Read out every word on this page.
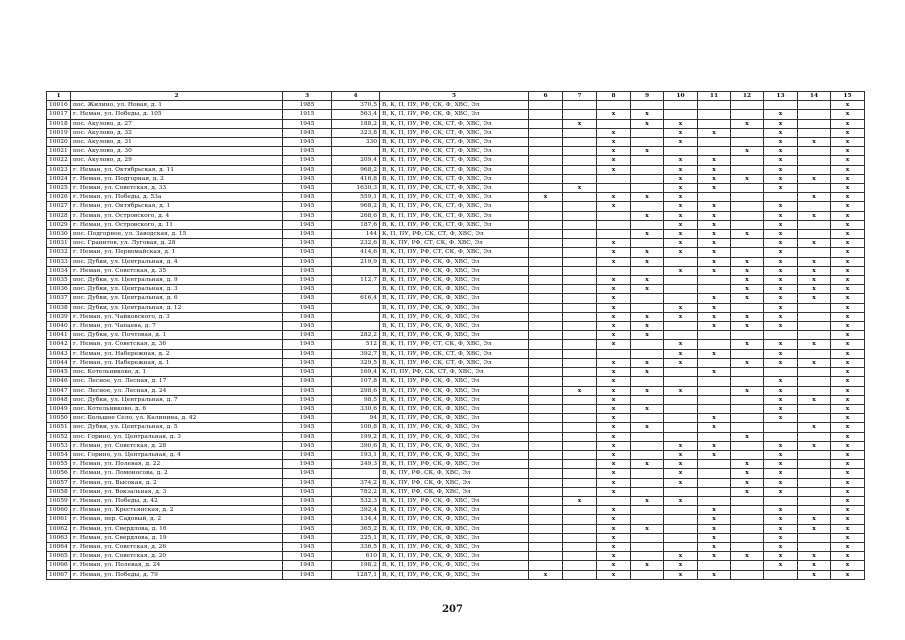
1	2	3	4	5	6	7	8	9	10	11	12	13	14	15
10016	пос. Жилино, ул. Новая, д. 1	1985	370,5	В, К, П, ПУ, РФ, СК, Ф, ХВС, Эл										х
10017	г. Неман, ул. Победы, д. 105	1915	563,4	В, К, П, ПУ, РФ, СК, Ф, ХВС, Эл			х	х				х		х
10018	пос. Акулово, д. 27	1945	188,2	В, К, П, ПУ, РФ, СК, СТ, Ф, ХВС, Эл		х		х	х		х	х		х
10019	пос. Акулово, д. 32	1945	323,8	В, К, П, ПУ, РФ, СК, СТ, Ф, ХВС, Эл			х		х	х		х		х
10020	пос. Акулово, д. 31	1945	330	В, К, П, ПУ, РФ, СК, СТ, Ф, ХВС, Эл			х		х			х	х	х
10021	пос. Акулово, д. 30	1945		В, К, П, ПУ, РФ, СК, СТ, Ф, ХВС, Эл			х	х			х	х		х
10022	пос. Акулово, д. 29	1945	209,4	В, К, П, ПУ, РФ, СК, СТ, Ф, ХВС, Эл			х		х	х		х		х
10023	г. Неман, ул. Октябрьская, д. 11	1945	968,2	В, К, П, ПУ, РФ, СК, СТ, Ф, ХВС, Эл			х		х	х		х		х
10024	г. Неман, ул. Подгорная, д. 2	1945	416,8	В, К, П, ПУ, РФ, СК, СТ, Ф, ХВС, Эл					х	х	х	х	х	х
10025	г. Неман, ул. Советская, д. 33	1945	1630,3	В, К, П, ПУ, РФ, СК, СТ, Ф, ХВС, Эл		х			х	х		х		х
10026	г. Неман, ул. Победы, д. 53а	1945	559,1	В, К, П, ПУ, РФ, СК, СТ, Ф, ХВС, Эл	х		х	х	х				х	х
10027	г. Неман, ул. Октябрьская, д. 1	1945	968,2	В, К, П, ПУ, РФ, СК, СТ, Ф, ХВС, Эл			х		х	х		х		х
10028	г. Неман, ул. Островского, д. 4	1945	268,6	В, К, П, ПУ, РФ, СК, СТ, Ф, ХВС, Эл				х	х	х		х	х	х
10029	г. Неман, ул. Островского, д. 11	1945	187,6	В, К, П, ПУ, РФ, СК, СТ, Ф, ХВС, Эл					х	х		х		х
10030	пос. Подгорное, ул. Заводская, д. 15	1945	144	К, П, ПУ, РФ, СК, СТ, Ф, ХВС, Эл				х	х	х	х	х		х
10031	пос. Гранитов, ул. Луговая, д. 28	1945	232,6	В, К, ПУ, РФ, СТ, СК, Ф, ХВС, Эл			х		х	х		х	х	х
10032	г. Неман, ул. Первомайская, д. 1	1945	414,6	В, К, П, ПУ, РФ, СТ, СК, Ф, ХВС, Эл			х	х	х	х		х		х
10033	пос. Дубки, ул. Центральная, д. 4	1945	219,9	В, К, П, ПУ, РФ, СК, Ф, ХВС, Эл			х	х		х	х	х	х	х
10034	г. Неман, ул. Советская, д. 35	1945		В, К, П, ПУ, РФ, СК, Ф, ХВС, Эл					х	х	х	х	х	х
10035	пос. Дубки, ул. Центральная, д. 9	1945	112,7	В, К, П, ПУ, РФ, СК, Ф, ХВС, Эл			х	х			х	х	х	х
10036	пос. Дубки, ул. Центральная, д. 3	1945		В, К, П, ПУ, РФ, СК, Ф, ХВС, Эл			х	х			х	х	х	х
10037	пос. Дубки, ул. Центральная, д. 6	1945	616,4	В, К, П, ПУ, РФ, СК, Ф, ХВС, Эл			х			х	х	х	х	х
10038	пос. Дубки, ул. Центральная, д. 12	1945		В, К, П, ПУ, РФ, СК, Ф, ХВС, Эл			х		х	х		х		х
10039	г. Неман, ул. Чайковского, д. 3	1945		В, К, П, ПУ, РФ, СК, Ф, ХВС, Эл			х	х	х	х	х	х		х
10040	г. Неман, ул. Чапаева, д. 7	1945		В, К, П, ПУ, РФ, СК, Ф, ХВС, Эл			х	х		х	х	х		х
10041	пос. Дубки, ул. Почтовая, д. 1	1945	282,2	В, К, П, ПУ, РФ, СК, Ф, ХВС, Эл			х	х						х
10042	г. Неман, ул. Советская, д. 36	1945	512	В, К, П, ПУ, РФ, СТ, СК, Ф, ХВС, Эл			х		х		х	х	х	х
10043	г. Неман, ул. Набережная, д. 2	1945	392,7	В, К, П, ПУ, РФ, СК, СТ, Ф, ХВС, Эл					х	х		х		х
10044	г. Неман, ул. Набережная, д. 1	1945	329,5	В, К, П, ПУ, РФ, СК, СТ, Ф, ХВС, Эл			х	х	х		х	х	х	х
10045	пос. Котельниково, д. 1	1945	169,4	К, П, ПУ, РФ, СК, СТ, Ф, ХВС, Эл			х	х		х				х
10046	пос. Лесное, ул. Лесная, д. 17	1945	107,8	В, К, П, ПУ, РФ, СК, Ф, ХВС, Эл			х					х		х
10047	пос. Лесное, ул. Лесная, д. 24	1945	298,6	В, К, П, ПУ, РФ, СК, Ф, ХВС, Эл		х	х	х	х		х	х		х
10048	пос. Дубки, ул. Центральная, д. 7	1945	98,5	В, К, П, ПУ, РФ, СК, Ф, ХВС, Эл			х					х	х	х
10049	пос. Котельниково, д. 6	1945	330,6	В, К, П, ПУ, РФ, СК, Ф, ХВС, Эл			х	х				х		х
10050	пос. Большое Село, ул. Калинина, д. 42	1945	94	В, К, П, ПУ, РФ, СК, Ф, ХВС, Эл			х			х		х		х
10051	пос. Дубки, ул. Центральная, д. 5	1945	100,8	В, К, П, ПУ, РФ, СК, Ф, ХВС, Эл			х	х		х			х	х
10052	пос. Горино, ул. Центральная, д. 3	1945	199,2	В, К, П, ПУ, РФ, СК, Ф, ХВС, Эл			х				х			х
10053	г. Неман, ул. Советская, д. 28	1945	390,6	В, К, П, ПУ, РФ, СК, Ф, ХВС, Эл			х		х	х		х	х	х
10054	пос. Горино, ул. Центральная, д. 4	1945	193,1	В, К, П, ПУ, РФ, СК, Ф, ХВС, Эл			х		х	х		х		х
10055	г. Неман, ул. Полевая, д. 22	1945	249,3	В, К, П, ПУ, РФ, СК, Ф, ХВС, Эл			х	х	х		х	х		х
10056	г. Неман, ул. Ломоносова, д. 2	1945		В, К, ПУ, РФ, СК, Ф, ХВС, Эл			х		х		х	х		х
10057	г. Неман, ул. Высокая, д. 2	1945	374,2	В, К, ПУ, РФ, СК, Ф, ХВС, Эл			х		х		х	х		х
10058	г. Неман, ул. Вокзальная, д. 3	1945	782,2	В, К, ПУ, РФ, СК, Ф, ХВС, Эл			х				х	х		х
10059	г. Неман, ул. Победы, д. 42	1945	532,3	В, К, П, ПУ, РФ, СК, Ф, ХВС, Эл		х		х	х					х
10060	г. Неман, ул. Крестьянская, д. 2	1945	392,4	В, К, П, ПУ, РФ, СК, Ф, ХВС, Эл			х			х		х		х
10061	г. Неман, пер. Садовый, д. 2	1945	134,4	В, К, П, ПУ, РФ, СК, Ф, ХВС, Эл			х			х		х	х	х
10062	г. Неман, ул. Свердлова, д. 16	1945	365,2	В, К, П, ПУ, РФ, СК, Ф, ХВС, Эл			х	х		х		х	х	х
10063	г. Неман, ул. Свердлова, д. 19	1945	225,1	В, К, П, ПУ, РФ, СК, Ф, ХВС, Эл			х			х		х		х
10064	г. Неман, ул. Советская, д. 26	1945	336,5	В, К, П, ПУ, РФ, СК, Ф, ХВС, Эл			х			х		х		х
10065	г. Неман, ул. Советская, д. 20	1945	610	В, К, П, ПУ, РФ, СК, Ф, ХВС, Эл			х		х	х	х	х	х	х
10066	г. Неман, ул. Полевая, д. 24	1945	198,2	В, К, П, ПУ, РФ, СК, Ф, ХВС, Эл			х	х	х			х	х	х
10067	г. Неман, ул. Победы, д. 79	1945	1287,1	В, К, П, ПУ, РФ, СК, Ф, ХВС, Эл	х		х		х	х			х	х
207
